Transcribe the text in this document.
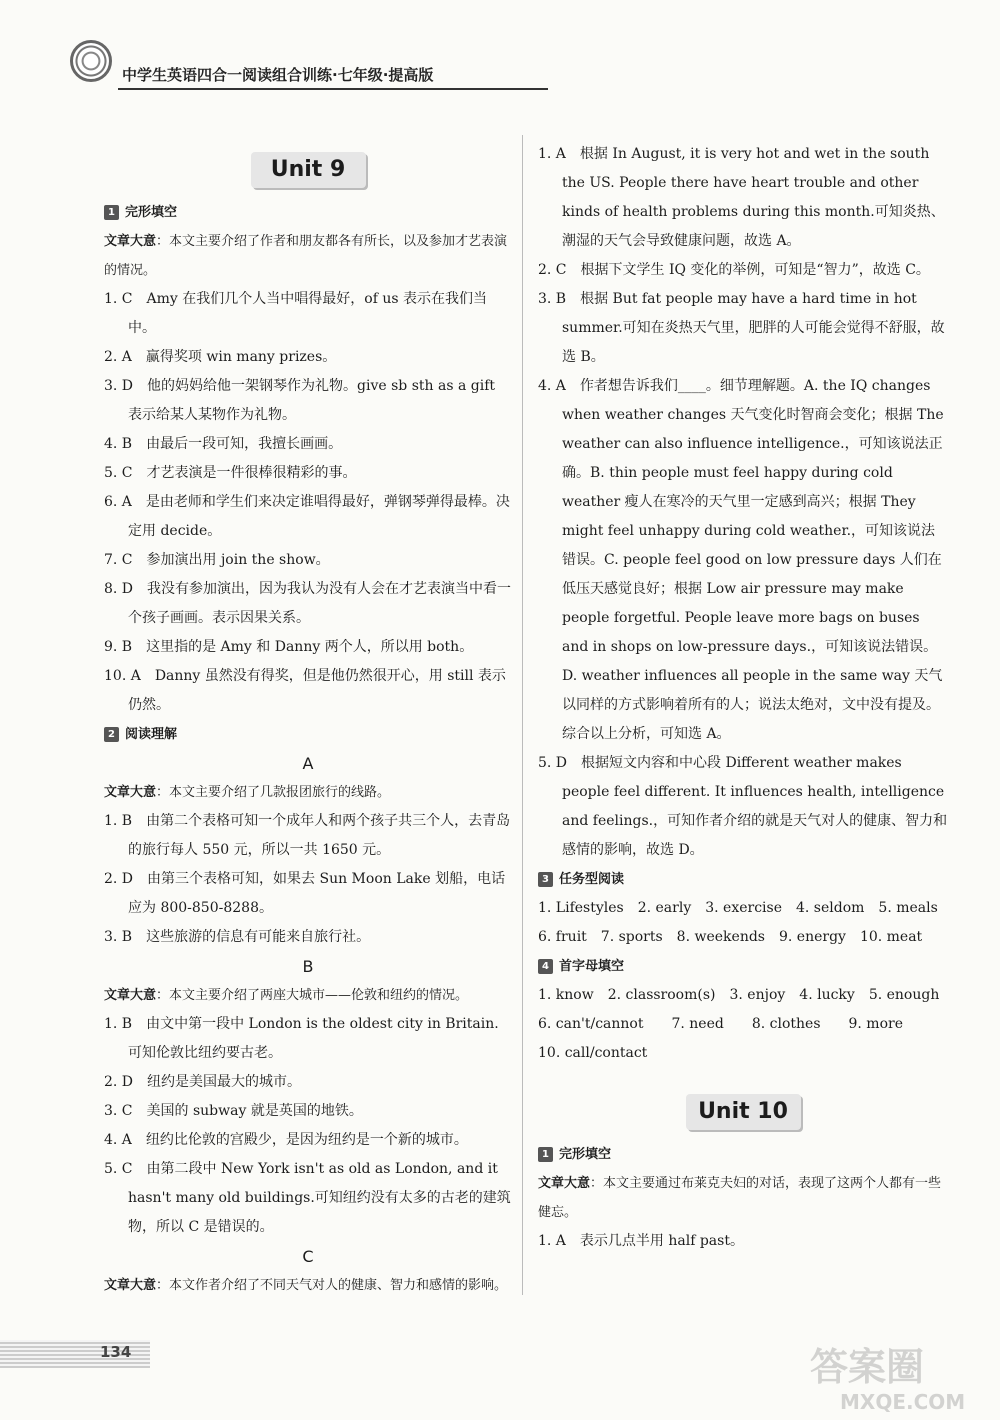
中学生英语四合一阅读组合训练·七年级·提高版
Unit 9
1 完形填空
文章大意：本文主要介绍了作者和朋友都各有所长，以及参加才艺表演的情况。
1. C　Amy 在我们几个人当中唱得最好，of us 表示在我们当中。
2. A　赢得奖项 win many prizes。
3. D　他的妈妈给他一架钢琴作为礼物。give sb sth as a gift 表示给某人某物作为礼物。
4. B　由最后一段可知，我擅长画画。
5. C　才艺表演是一件很棒很精彩的事。
6. A　是由老师和学生们来决定谁唱得最好，弹钢琴弹得最棒。决定用 decide。
7. C　参加演出用 join the show。
8. D　我没有参加演出，因为我认为没有人会在才艺表演当中看一个孩子画画。表示因果关系。
9. B　这里指的是 Amy 和 Danny 两个人，所以用 both。
10. A　Danny 虽然没有得奖，但是他仍然很开心，用 still 表示仍然。
2 阅读理解
A
文章大意：本文主要介绍了几款报团旅行的线路。
1. B　由第二个表格可知一个成年人和两个孩子共三个人，去青岛的旅行每人 550 元，所以一共 1650 元。
2. D　由第三个表格可知，如果去 Sun Moon Lake 划船，电话应为 800-850-8288。
3. B　这些旅游的信息有可能来自旅行社。
B
文章大意：本文主要介绍了两座大城市——伦敦和纽约的情况。
1. B　由文中第一段中 London is the oldest city in Britain.可知伦敦比纽约要古老。
2. D　纽约是美国最大的城市。
3. C　美国的 subway 就是英国的地铁。
4. A　纽约比伦敦的宫殿少，是因为纽约是一个新的城市。
5. C　由第二段中 New York isn't as old as London, and it hasn't many old buildings.可知纽约没有太多的古老的建筑物，所以 C 是错误的。
C
文章大意：本文作者介绍了不同天气对人的健康、智力和感情的影响。
1. A　根据 In August, it is very hot and wet in the south the US. People there have heart trouble and other kinds of health problems during this month.可知炎热、潮湿的天气会导致健康问题，故选 A。
2. C　根据下文学生 IQ 变化的举例，可知是“智力”，故选 C。
3. B　根据 But fat people may have a hard time in hot summer.可知在炎热天气里，肥胖的人可能会觉得不舒服，故选 B。
4. A　作者想告诉我们____。细节理解题。A. the IQ changes when weather changes 天气变化时智商会变化；根据 The weather can also influence intelligence.，可知该说法正确。B. thin people must feel happy during cold weather 瘦人在寒冷的天气里一定感到高兴；根据 They might feel unhappy during cold weather.，可知该说法错误。C. people feel good on low pressure days 人们在低压天感觉良好；根据 Low air pressure may make people forgetful. People leave more bags on buses and in shops on low-pressure days.，可知该说法错误。D. weather influences all people in the same way 天气以同样的方式影响着所有的人；说法太绝对，文中没有提及。综合以上分析，可知选 A。
5. D　根据短文内容和中心段 Different weather makes people feel different. It influences health, intelligence and feelings.，可知作者介绍的就是天气对人的健康、智力和感情的影响，故选 D。
3 任务型阅读
1. Lifestyles　2. early　3. exercise　4. seldom　5. meals
6. fruit　7. sports　8. weekends　9. energy　10. meat
4 首字母填空
1. know　2. classroom(s)　3. enjoy　4. lucky　5. enough
6. can't/cannot　　7. need　　8. clothes　　9. more
10. call/contact
Unit 10
1 完形填空
文章大意：本文主要通过布莱克夫妇的对话，表现了这两个人都有一些健忘。
1. A　表示几点半用 half past。
134	答案圈
MXQE.COM
